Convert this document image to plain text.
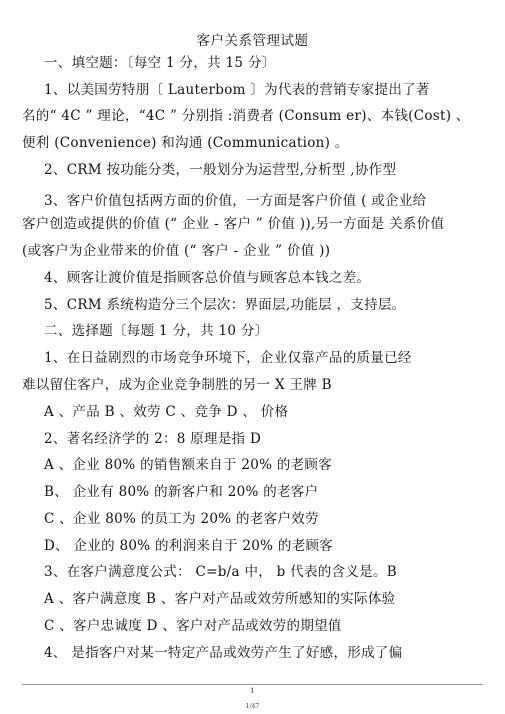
客户关系管理试题
一、填空题：〔每空 1 分，共 15 分〕
1、以美国劳特朋〔 Lauterbom 〕为代表的营销专家提出了著
名的“ 4C ” 理论，“4C ” 分别指 :消费者 (Consum er)、本钱(Cost) 、
便利 (Convenience) 和沟通 (Communication) 。
2、CRM 按功能分类，一般划分为运营型,分析型 ,协作型
3、客户价值包括两方面的价值，一方面是客户价值 ( 或企业给
客户创造或提供的价值 (“ 企业 - 客户 ” 价值 )),另一方面是 关系价值
(或客户为企业带来的价值 (“ 客户 - 企业 ” 价值 ))
4、顾客让渡价值是指顾客总价值与顾客总本钱之差。
5、CRM 系统构造分三个层次：界面层,功能层 ，支持层。
二、选择题〔每题 1 分，共 10 分〕
1、在日益剧烈的市场竞争环境下，企业仅靠产品的质量已经
难以留住客户，成为企业竞争制胜的另一 X 王牌 B
A 、产品 B 、效劳 C 、竞争 D 、 价格
2、著名经济学的 2：8 原理是指 D
A 、企业 80% 的销售额来自于 20% 的老顾客
B、 企业有 80% 的新客户和 20% 的老客户
C 、企业 80% 的员工为 20% 的老客户效劳
D、 企业的 80% 的利润来自于 20% 的老顾客
3、在客户满意度公式： C=b/a 中， b 代表的含义是。B
A 、客户满意度 B 、客户对产品或效劳所感知的实际体验
C 、客户忠诚度 D 、客户对产品或效劳的期望值
4、 是指客户对某一特定产品或效劳产生了好感，形成了偏
1
1/47
